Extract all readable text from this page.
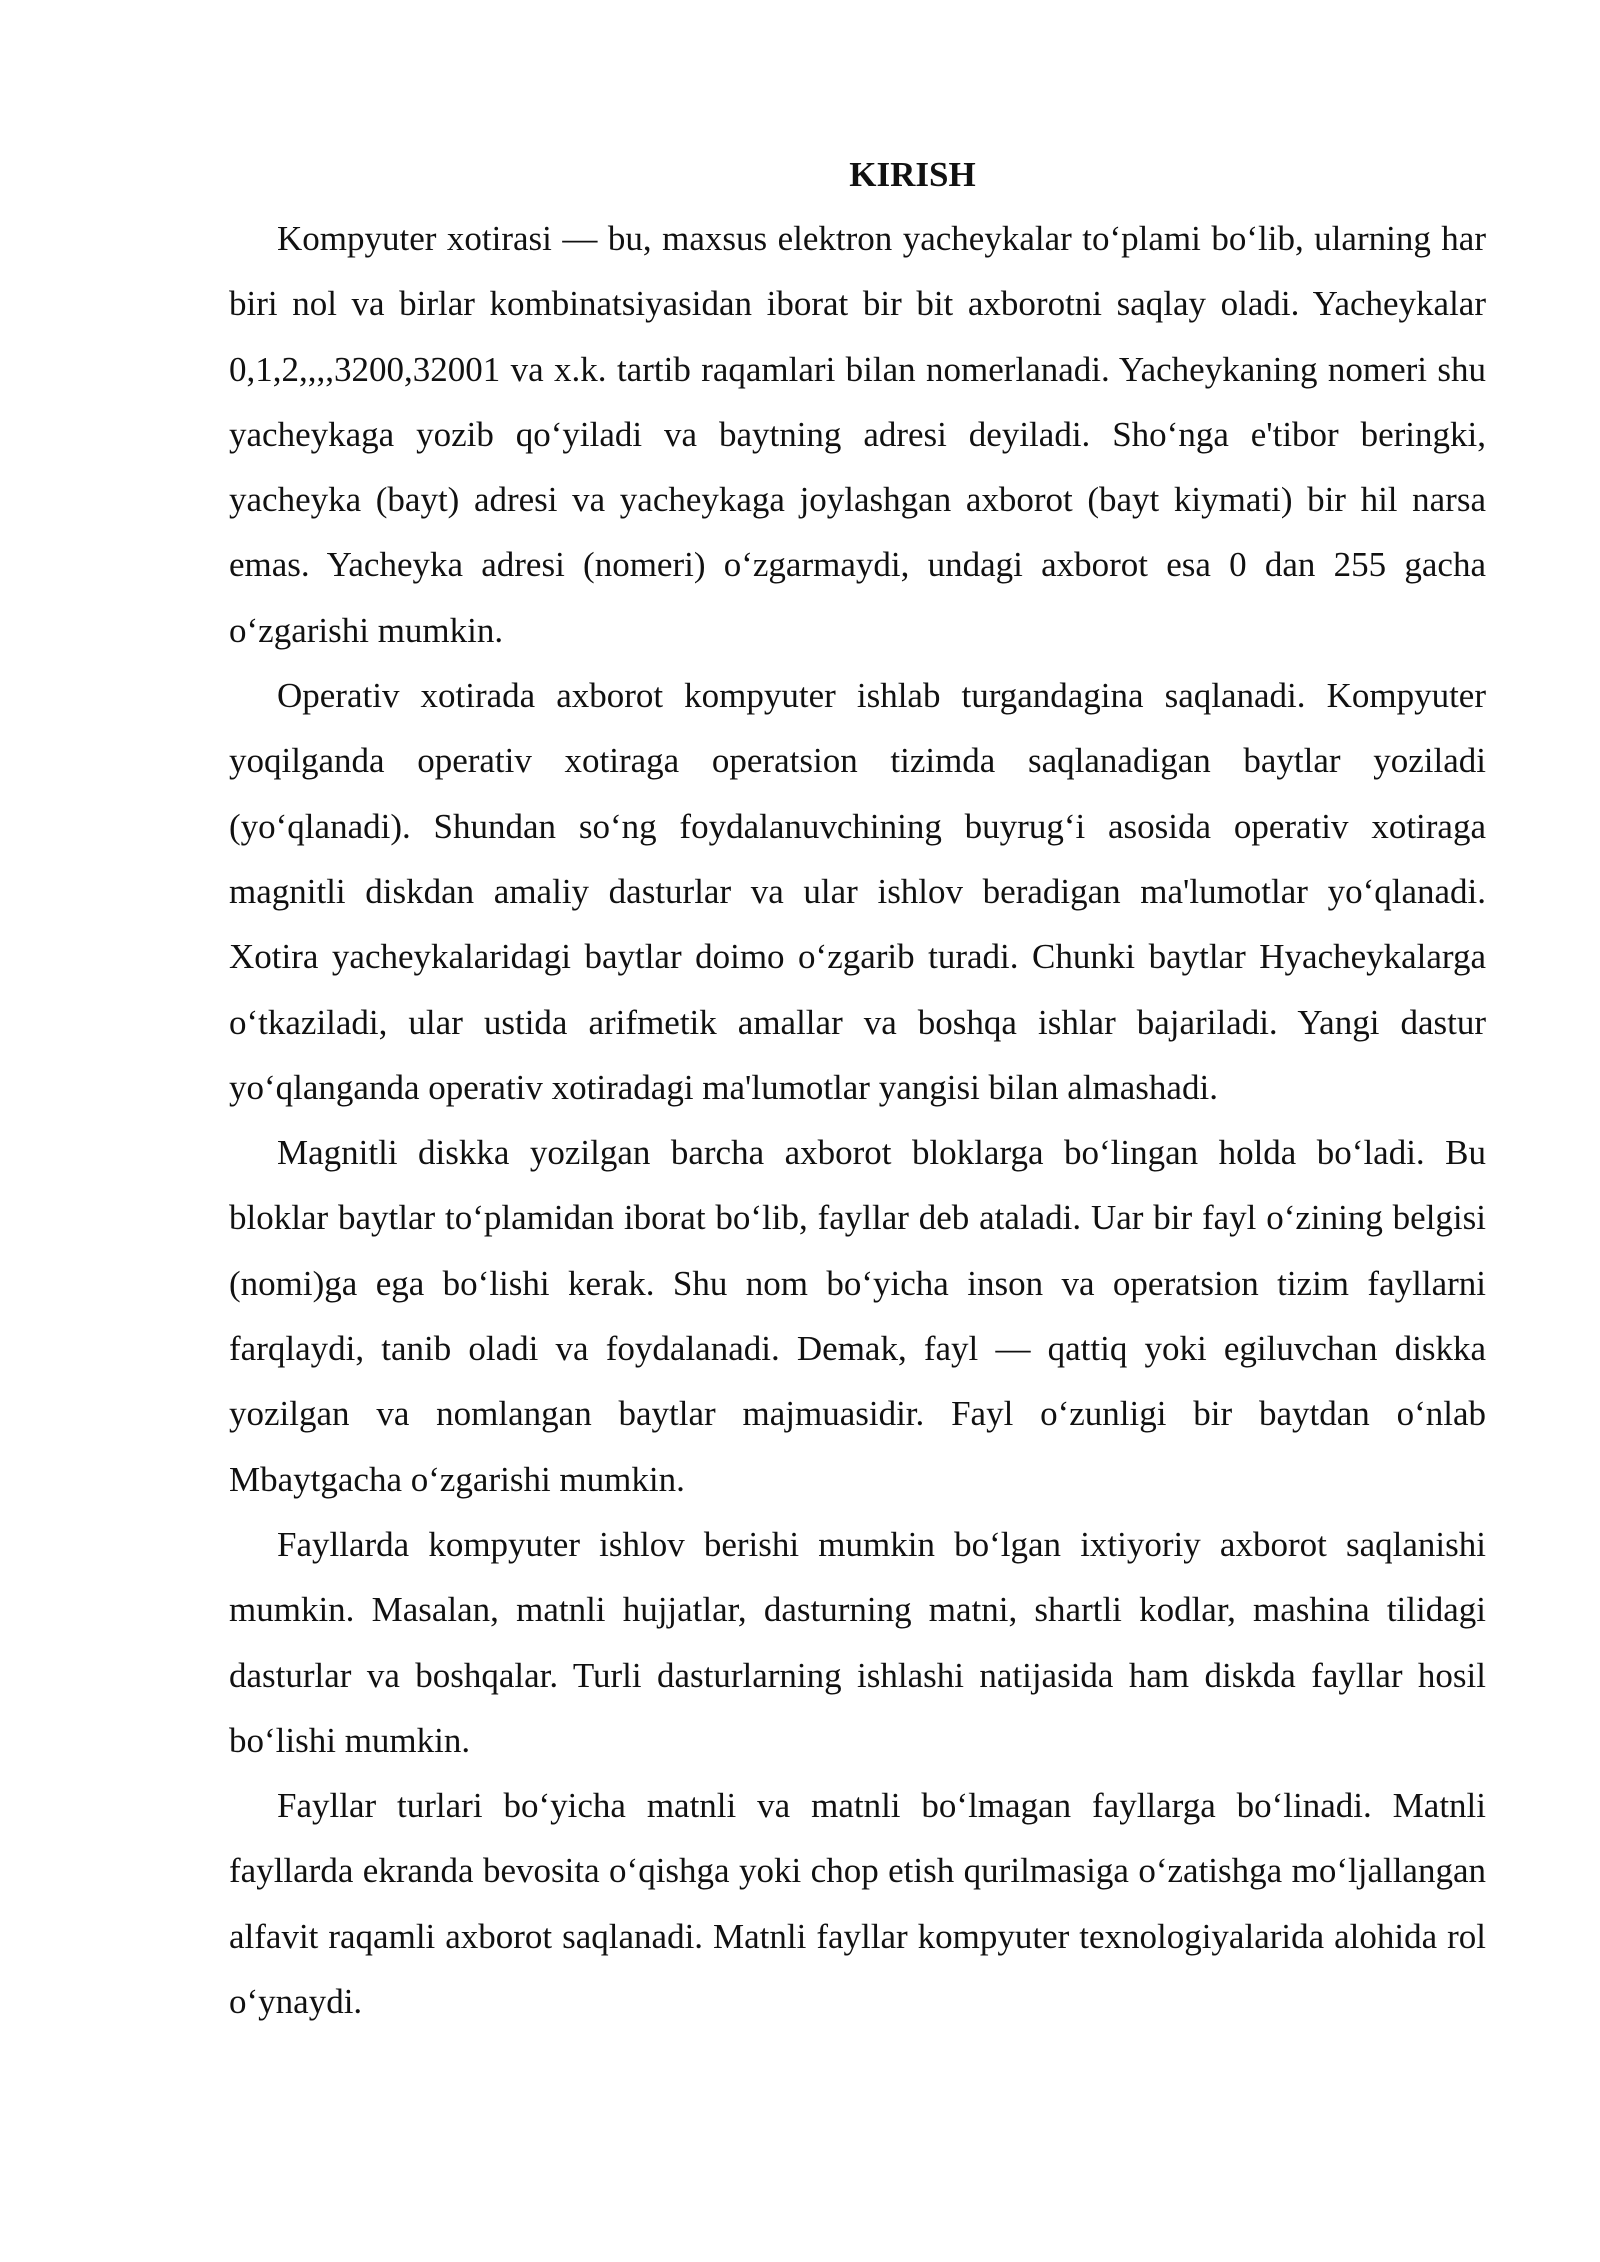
KIRISH

Kompyuter xotirasi — bu, maxsus elektron yacheykalar to‘plami bo‘lib, ularning har biri nol va birlar kombinatsiyasidan iborat bir bit axborotni saqlay oladi. Yacheykalar 0,1,2,,,,3200,32001 va x.k. tartib raqamlari bilan nomerlanadi. Yacheykaning nomeri shu yacheykaga yozib qo‘yiladi va baytning adresi deyiladi. Sho‘nga e'tibor beringki, yacheyka (bayt) adresi va yacheykaga joylashgan axborot (bayt kiymati) bir hil narsa emas. Yacheyka adresi (nomeri) o‘zgarmaydi, undagi axborot esa 0 dan 255 gacha o‘zgarishi mumkin.

Operativ xotirada axborot kompyuter ishlab turgandagina saqlanadi. Kompyuter yoqilganda operativ xotiraga operatsion tizimda saqlanadigan baytlar yoziladi (yo‘qlanadi). Shundan so‘ng foydalanuvchining buyrug‘i asosida operativ xotiraga magnitli diskdan amaliy dasturlar va ular ishlov beradigan ma'lumotlar yo‘qlanadi. Xotira yacheykalaridagi baytlar doimo o‘zgarib turadi. Chunki baytlar Hyacheykalarga o‘tkaziladi, ular ustida arifmetik amallar va boshqa ishlar bajariladi. Yangi dastur yo‘qlanganda operativ xotiradagi ma'lumotlar yangisi bilan almashadi.

Magnitli diskka yozilgan barcha axborot bloklarga bo‘lingan holda bo‘ladi. Bu bloklar baytlar to‘plamidan iborat bo‘lib, fayllar deb ataladi. Uar bir fayl o‘zining belgisi (nomi)ga ega bo‘lishi kerak. Shu nom bo‘yicha inson va operatsion tizim fayllarni farqlaydi, tanib oladi va foydalanadi. Demak, fayl — qattiq yoki egiluvchan diskka yozilgan va nomlangan baytlar majmuasidir. Fayl o‘zunligi bir baytdan o‘nlab Mbaytgacha o‘zgarishi mumkin.

Fayllarda kompyuter ishlov berishi mumkin bo‘lgan ixtiyoriy axborot saqlanishi mumkin. Masalan, matnli hujjatlar, dasturning matni, shartli kodlar, mashina tilidagi dasturlar va boshqalar. Turli dasturlarning ishlashi natijasida ham diskda fayllar hosil bo‘lishi mumkin.

Fayllar turlari bo‘yicha matnli va matnli bo‘lmagan fayllarga bo‘linadi. Matnli fayllarda ekranda bevosita o‘qishga yoki chop etish qurilmasiga o‘zatishga mo‘ljallangan alfavit raqamli axborot saqlanadi. Matnli fayllar kompyuter texnologiyalarida alohida rol o‘ynaydi.
